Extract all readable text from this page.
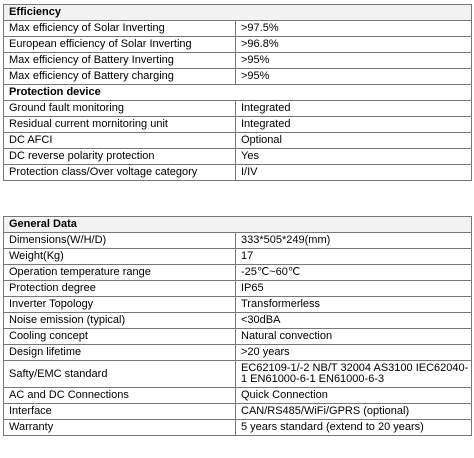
Efficiency	
Max efficiency of Solar Inverting	>97.5%
European efficiency of Solar Inverting	>96.8%
Max efficiency of Battery Inverting	>95%
Max efficiency of Battery charging	>95%
Protection device	
Ground fault monitoring	Integrated
Residual current mornitoring unit	Integrated
DC AFCI	Optional
DC reverse polarity protection	Yes
Protection class/Over voltage category	I/IV
General Data	
Dimensions(W/H/D)	333*505*249(mm)
Weight(Kg)	17
Operation temperature range	-25℃~60℃
Protection degree	IP65
Inverter Topology	Transformerless
Noise emission (typical)	<30dBA
Cooling concept	Natural convection
Design lifetime	>20 years
Safty/EMC standard	EC62109-1/-2 NB/T 32004 AS3100 IEC62040-1 EN61000-6-1 EN61000-6-3
AC and DC Connections	Quick Connection
Interface	CAN/RS485/WiFi/GPRS (optional)
Warranty	5 years standard (extend to 20 years)
